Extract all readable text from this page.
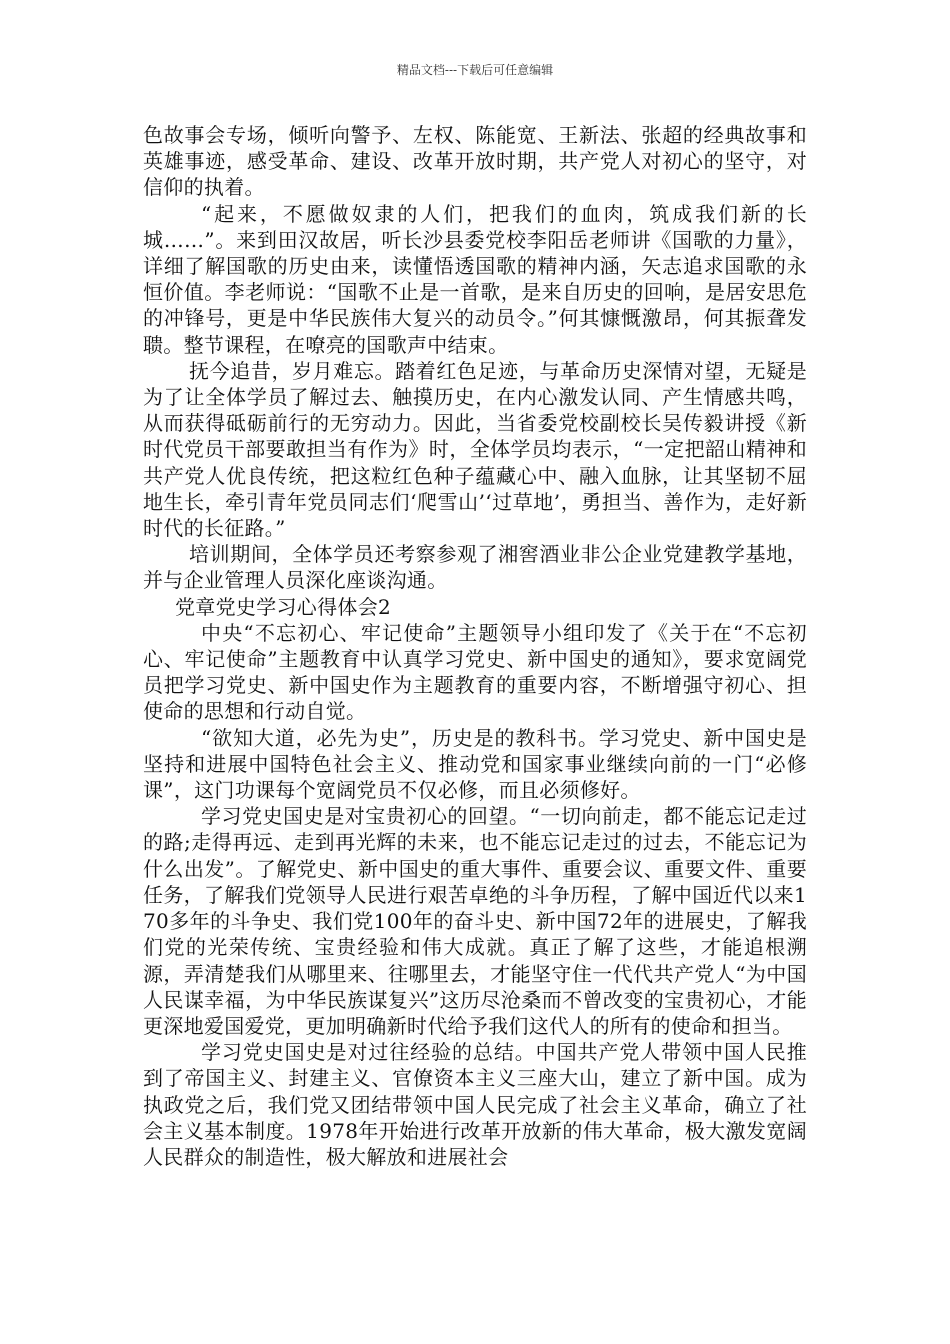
精品文档---下载后可任意编辑

色故事会专场，倾听向警予、左权、陈能宽、王新法、张超的经典故事和英雄事迹，感受革命、建设、改革开放时期，共产党人对初心的坚守，对信仰的执着。

“起来，不愿做奴隶的人们，把我们的血肉，筑成我们新的长城……”。来到田汉故居，听长沙县委党校李阳岳老师讲《国歌的力量》，详细了解国歌的历史由来，读懂悟透国歌的精神内涵，矢志追求国歌的永恒价值。李老师说：“国歌不止是一首歌，是来自历史的回响，是居安思危的冲锋号，更是中华民族伟大复兴的动员令。”何其慷慨激昂，何其振聋发聩。整节课程，在嘹亮的国歌声中结束。

抚今追昔，岁月难忘。踏着红色足迹，与革命历史深情对望，无疑是为了让全体学员了解过去、触摸历史，在内心激发认同、产生情感共鸣，从而获得砥砺前行的无穷动力。因此，当省委党校副校长吴传毅讲授《新时代党员干部要敢担当有作为》时，全体学员均表示，“一定把韶山精神和共产党人优良传统，把这粒红色种子蕴藏心中、融入血脉，让其坚韧不屈地生长，牵引青年党员同志们‘爬雪山’‘过草地’，勇担当、善作为，走好新时代的长征路。”

培训期间，全体学员还考察参观了湘窖酒业非公企业党建教学基地，并与企业管理人员深化座谈沟通。

党章党史学习心得体会2

中央“不忘初心、牢记使命”主题领导小组印发了《关于在“不忘初心、牢记使命”主题教育中认真学习党史、新中国史的通知》，要求宽阔党员把学习党史、新中国史作为主题教育的重要内容，不断增强守初心、担使命的思想和行动自觉。

“欲知大道，必先为史”，历史是的教科书。学习党史、新中国史是坚持和进展中国特色社会主义、推动党和国家事业继续向前的一门“必修课”，这门功课每个宽阔党员不仅必修，而且必须修好。

学习党史国史是对宝贵初心的回望。“一切向前走，都不能忘记走过的路;走得再远、走到再光辉的未来，也不能忘记走过的过去，不能忘记为什么出发”。了解党史、新中国史的重大事件、重要会议、重要文件、重要任务，了解我们党领导人民进行艰苦卓绝的斗争历程，了解中国近代以来170多年的斗争史、我们党100年的奋斗史、新中国72年的进展史，了解我们党的光荣传统、宝贵经验和伟大成就。真正了解了这些，才能追根溯源，弄清楚我们从哪里来、往哪里去，才能坚守住一代代共产党人“为中国人民谋幸福，为中华民族谋复兴”这历尽沧桑而不曾改变的宝贵初心，才能更深地爱国爱党，更加明确新时代给予我们这代人的所有的使命和担当。

学习党史国史是对过往经验的总结。中国共产党人带领中国人民推到了帝国主义、封建主义、官僚资本主义三座大山，建立了新中国。成为执政党之后，我们党又团结带领中国人民完成了社会主义革命，确立了社会主义基本制度。1978年开始进行改革开放新的伟大革命，极大激发宽阔人民群众的制造性，极大解放和进展社会
